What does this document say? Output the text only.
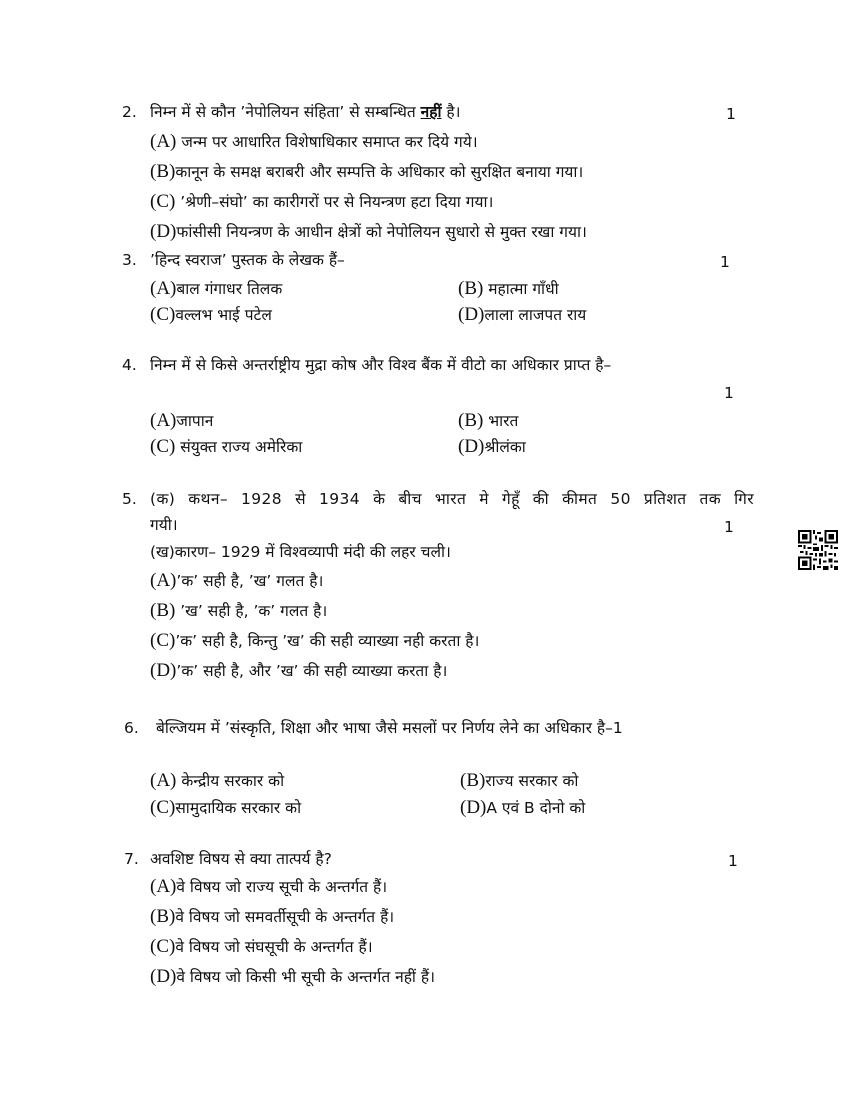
2. निम्न में से कौन ’नेपोलियन संहिता’ से सम्बन्धित नहीं है।	1
(A) जन्म पर आधारित विशेषाधिकार समाप्त कर दिये गये।
(B)कानून के समक्ष बराबरी और सम्पत्ति के अधिकार को सुरक्षित बनाया गया।
(C) ’श्रेणी–संघो’ का कारीगरों पर से नियन्त्रण हटा दिया गया।
(D)फांसीसी नियन्त्रण के आधीन क्षेत्रों को नेपोलियन सुधारो से मुक्त रखा गया।
3. ’हिन्द स्वराज’ पुस्तक के लेखक हैं–	1
(A)बाल गंगाधर तिलक	(B) महात्मा गाँधी
(C)वल्लभ भाई पटेल	(D)लाला लाजपत राय
4. निम्न में से किसे अन्तर्राष्ट्रीय मुद्रा कोष और विश्व बैंक में वीटो का अधिकार प्राप्त है–
1
(A)जापान	(B) भारत
(C) संयुक्त राज्य अमेरिका	(D)श्रीलंका
5. (क) कथन– 1928 से 1934 के बीच भारत मे गेहूँ की कीमत 50 प्रतिशत तक गिर
गयी।	1
(ख)कारण– 1929 में विश्वव्यापी मंदी की लहर चली।
(A)’क’ सही है, ’ख’ गलत है।
(B) ’ख’ सही है, ’क’ गलत है।
(C)’क’ सही है, किन्तु ’ख’ की सही व्याख्या नही करता है।
(D)’क’ सही है, और ’ख’ की सही व्याख्या करता है।
6. बेल्जियम में ’संस्कृति, शिक्षा और भाषा जैसे मसलों पर निर्णय लेने का अधिकार है–1
(A) केन्द्रीय सरकार को	(B)राज्य सरकार को
(C)सामुदायिक सरकार को	(D)A एवं B दोनो को
7. अवशिष्ट विषय से क्या तात्पर्य है?	1
(A)वे विषय जो राज्य सूची के अन्तर्गत हैं।
(B)वे विषय जो समवर्तीसूची के अन्तर्गत हैं।
(C)वे विषय जो संघसूची के अन्तर्गत हैं।
(D)वे विषय जो किसी भी सूची के अन्तर्गत नहीं हैं।
